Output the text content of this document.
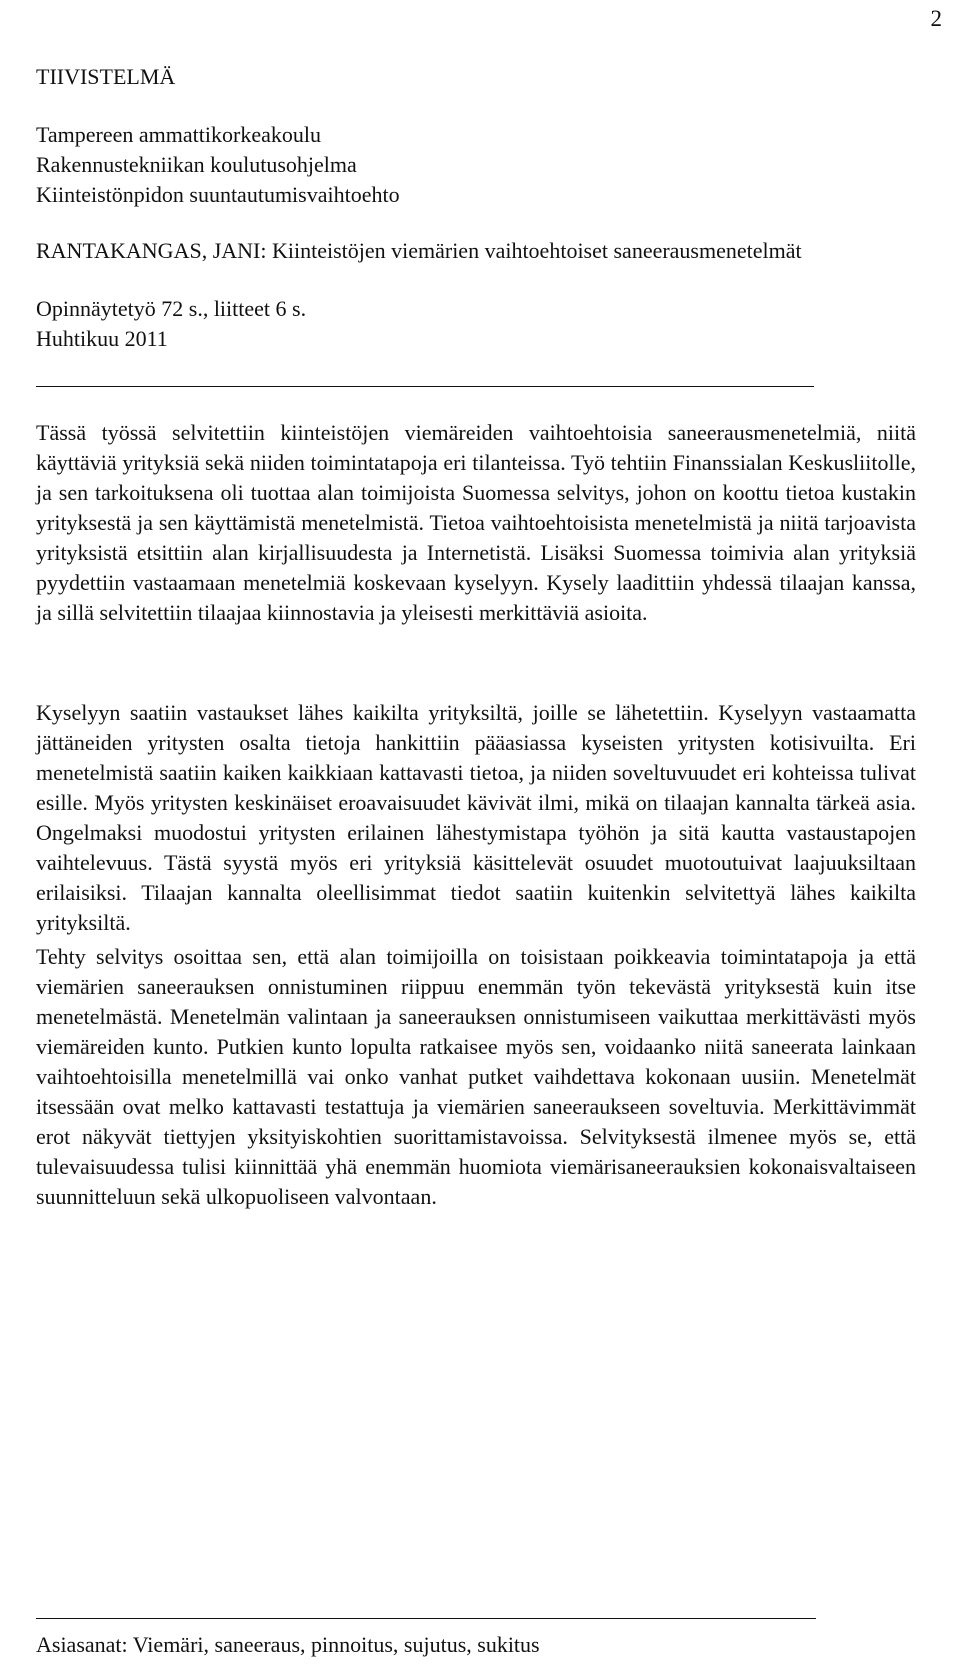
2
TIIVISTELMÄ
Tampereen ammattikorkeakoulu
Rakennustekniikan koulutusohjelma
Kiinteistönpidon suuntautumisvaihtoehto
RANTAKANGAS, JANI: Kiinteistöjen viemärien vaihtoehtoiset saneerausmenetelmät
Opinnäytetyö 72 s., liitteet 6 s.
Huhtikuu 2011

Tässä työssä selvitettiin kiinteistöjen viemäreiden vaihtoehtoisia saneerausmenetelmiä, niitä käyttäviä yrityksiä sekä niiden toimintatapoja eri tilanteissa. Työ tehtiin Finanssialan Keskusliitolle, ja sen tarkoituksena oli tuottaa alan toimijoista Suomessa selvitys, johon on koottu tietoa kustakin yrityksestä ja sen käyttämistä menetelmistä. Tietoa vaihtoehtoisista menetelmistä ja niitä tarjoavista yrityksistä etsittiin alan kirjallisuudesta ja Internetistä. Lisäksi Suomessa toimivia alan yrityksiä pyydettiin vastaamaan menetelmiä koskevaan kyselyyn. Kysely laadittiin yhdessä tilaajan kanssa, ja sillä selvitettiin tilaajaa kiinnostavia ja yleisesti merkittäviä asioita.

Kyselyyn saatiin vastaukset lähes kaikilta yrityksiltä, joille se lähetettiin. Kyselyyn vastaamatta jättäneiden yritysten osalta tietoja hankittiin pääasiassa kyseisten yritysten kotisivuilta. Eri menetelmistä saatiin kaiken kaikkiaan kattavasti tietoa, ja niiden soveltuvuudet eri kohteissa tulivat esille. Myös yritysten keskinäiset eroavaisuudet kävivät ilmi, mikä on tilaajan kannalta tärkeä asia. Ongelmaksi muodostui yritysten erilainen lähestymistapa työhön ja sitä kautta vastaustapojen vaihtelevuus. Tästä syystä myös eri yrityksiä käsittelevät osuudet muotoutuivat laajuuksiltaan erilaisiksi. Tilaajan kannalta oleellisimmat tiedot saatiin kuitenkin selvitettyä lähes kaikilta yrityksiltä.

Tehty selvitys osoittaa sen, että alan toimijoilla on toisistaan poikkeavia toimintatapoja ja että viemärien saneerauksen onnistuminen riippuu enemmän työn tekevästä yrityksestä kuin itse menetelmästä. Menetelmän valintaan ja saneerauksen onnistumiseen vaikuttaa merkittävästi myös viemäreiden kunto. Putkien kunto lopulta ratkaisee myös sen, voidaanko niitä saneerata lainkaan vaihtoehtoisilla menetelmillä vai onko vanhat putket vaihdettava kokonaan uusiin. Menetelmät itsessään ovat melko kattavasti testattuja ja viemärien saneeraukseen soveltuvia. Merkittävimmät erot näkyvät tiettyjen yksityiskohtien suorittamistavoissa. Selvityksestä ilmenee myös se, että tulevaisuudessa tulisi kiinnittää yhä enemmän huomiota viemärisaneerauksien kokonaisvaltaiseen suunnitteluun sekä ulkopuoliseen valvontaan.

Asiasanat: Viemäri, saneeraus, pinnoitus, sujutus, sukitus
